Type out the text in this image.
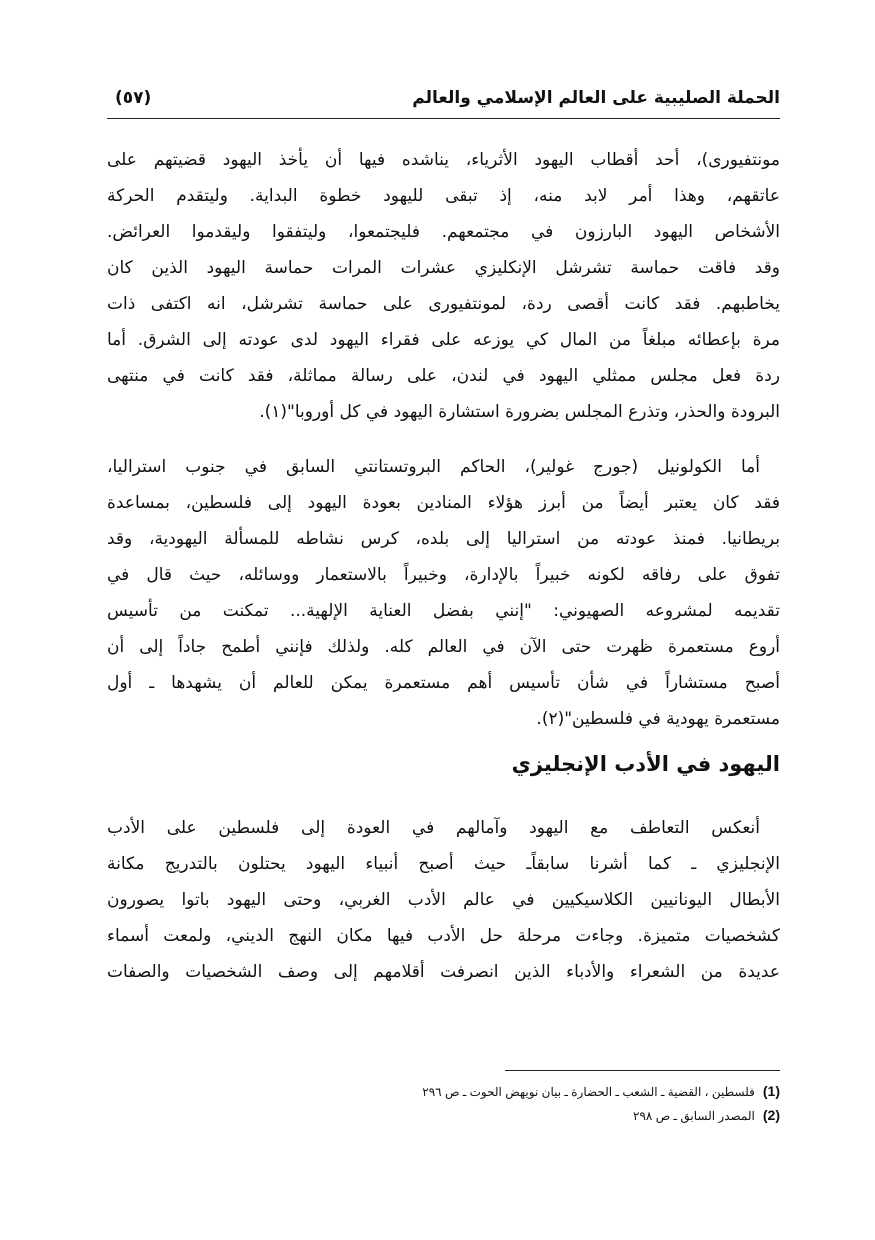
الحملة الصليبية على العالم الإسلامي والعالم
(٥٧)
مونتفيورى)، أحد أقطاب اليهود الأثرياء، يناشده فيها أن يأخذ اليهود قضيتهم على
عاتقهم، وهذا أمر لابد منه، إذ تبقى لليهود خطوة البداية. وليتقدم الحركة
الأشخاص اليهود البارزون في مجتمعهم. فليجتمعوا، وليتفقوا وليقدموا العرائض.
وقد فاقت حماسة تشرشل الإنكليزي عشرات المرات حماسة اليهود الذين كان
يخاطبهم. فقد كانت أقصى ردة، لمونتفيورى على حماسة تشرشل، انه اكتفى ذات
مرة بإعطائه مبلغاً من المال كي يوزعه على فقراء اليهود لدى عودته إلى الشرق. أما
ردة فعل مجلس ممثلي اليهود في لندن، على رسالة مماثلة، فقد كانت في منتهى
البرودة والحذر، وتذرع المجلس بضرورة استشارة اليهود في كل أوروبا"(١).
أما الكولونيل (جورج غولير)، الحاكم البروتستانتي السابق في جنوب استراليا،
فقد كان يعتبر أيضاً من أبرز هؤلاء المنادين بعودة اليهود إلى فلسطين، بمساعدة
بريطانيا. فمنذ عودته من استراليا إلى بلده، كرس نشاطه للمسألة اليهودية، وقد
تفوق على رفاقه لكونه خبيراً بالإدارة، وخبيراً بالاستعمار ووسائله، حيث قال في
تقديمه لمشروعه الصهيوني: "إنني بفضل العناية الإلهية... تمكنت من تأسيس
أروع مستعمرة ظهرت حتى الآن في العالم كله. ولذلك فإنني أطمح جاداً إلى أن
أصبح مستشاراً في شأن تأسيس أهم مستعمرة يمكن للعالم أن يشهدها ـ أول
مستعمرة يهودية في فلسطين"(٢).
اليهود في الأدب الإنجليزي
أنعكس التعاطف مع اليهود وآمالهم في العودة إلى فلسطين على الأدب
الإنجليزي ـ كما أشرنا سابقاًـ حيث أصبح أنبياء اليهود يحتلون بالتدريج مكانة
الأبطال اليونانيين الكلاسيكيين في عالم الأدب الغربي، وحتى اليهود باتوا يصورون
كشخصيات متميزة. وجاءت مرحلة حل الأدب فيها مكان النهج الديني، ولمعت أسماء
عديدة من الشعراء والأدباء الذين انصرفت أقلامهم إلى وصف الشخصيات والصفات
(1)فلسطين ، القضية ـ الشعب ـ الحضارة ـ بيان نويهض الحوت ـ ص ٢٩٦
(2)المصدر السابق ـ ص ٢٩٨
